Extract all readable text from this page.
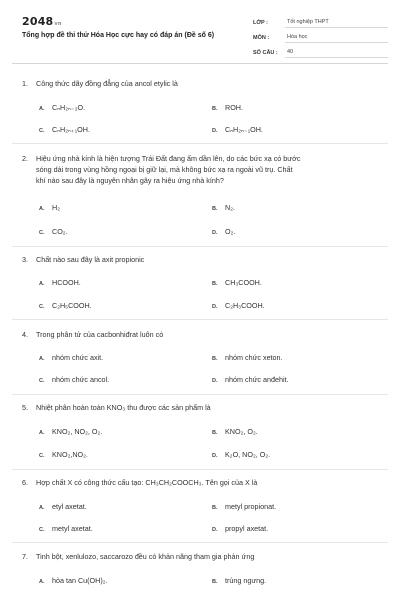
2048vn
Tổng hợp đề thi thử Hóa Học cực hay có đáp án (Đề số 6)
LỚP :	Tốt nghiệp THPT
MÔN :	Hóa học
SỐ CÂU :	40
1. Công thức dãy đồng đẳng của ancol etylic là
A. CₙH₂ₙ₋₂O.	B. ROH.
C. CₙH₂ₙ₊₁OH.	D. CₙH₂ₙ₋₁OH.
2. Hiệu ứng nhà kính là hiện tượng Trái Đất đang ấm dần lên, do các bức xạ có bước
sóng dài trong vùng hồng ngoại bị giữ lại, mà không bức xạ ra ngoài vũ trụ. Chất
khí nào sau đây là nguyên nhân gây ra hiệu ứng nhà kính?
A. H₂	B. N₂.
C. CO₂.	D. O₂.
3. Chất nào sau đây là axit propionic
A. HCOOH.	B. CH₃COOH.
C. C₂H₅COOH.	D. C₂H₃COOH.
4. Trong phân tử của cacbonhiđrat luôn có
A. nhóm chức axit.	B. nhóm chức xeton.
C. nhóm chức ancol.	D. nhóm chức anđehit.
5. Nhiệt phân hoàn toàn KNO₃ thu được các sản phẩm là
A. KNO₂, NO₂, O₂.	B. KNO₂, O₂.
C. KNO₂,NO₂.	D. K₂O, NO₂, O₂.
6. Hợp chất X có công thức cấu tạo: CH₃CH₂COOCH₃. Tên gọi của X là
A. etyl axetat.	B. metyl propionat.
C. metyl axetat.	D. propyl axetat.
7. Tinh bột, xenlulozo, saccarozo đều có khản năng tham gia phản ứng
A. hòa tan Cu(OH)₂.	B. trùng ngưng.
